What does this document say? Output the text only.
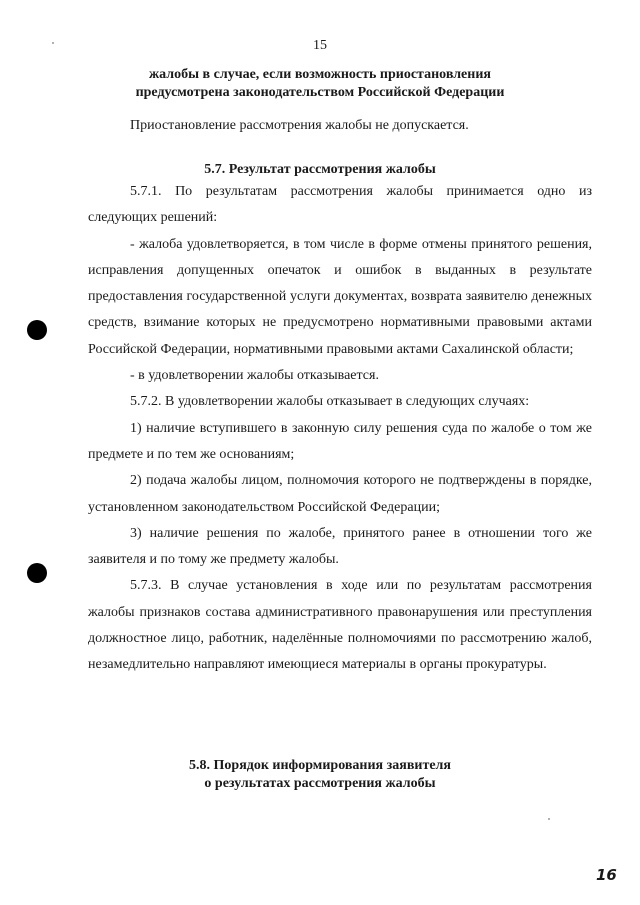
15
жалобы в случае, если возможность приостановления
предусмотрена законодательством Российской Федерации

Приостановление рассмотрения жалобы не допускается.

5.7. Результат рассмотрения жалобы

5.7.1. По результатам рассмотрения жалобы принимается одно из следующих решений:

- жалоба удовлетворяется, в том числе в форме отмены принятого решения, исправления допущенных опечаток и ошибок в выданных в результате предоставления государственной услуги документах, возврата заявителю денежных средств, взимание которых не предусмотрено нормативными правовыми актами Российской Федерации, нормативными правовыми актами Сахалинской области;

- в удовлетворении жалобы отказывается.

5.7.2. В удовлетворении жалобы отказывает в следующих случаях:

1) наличие вступившего в законную силу решения суда по жалобе о том же предмете и по тем же основаниям;

2) подача жалобы лицом, полномочия которого не подтверждены в порядке, установленном законодательством Российской Федерации;

3) наличие решения по жалобе, принятого ранее в отношении того же заявителя и по тому же предмету жалобы.

5.7.3. В случае установления в ходе или по результатам рассмотрения жалобы признаков состава административного правонарушения или преступления должностное лицо, работник, наделённые полномочиями по рассмотрению жалоб, незамедлительно направляют имеющиеся материалы в органы прокуратуры.

5.8. Порядок информирования заявителя
о результатах рассмотрения жалобы
16
